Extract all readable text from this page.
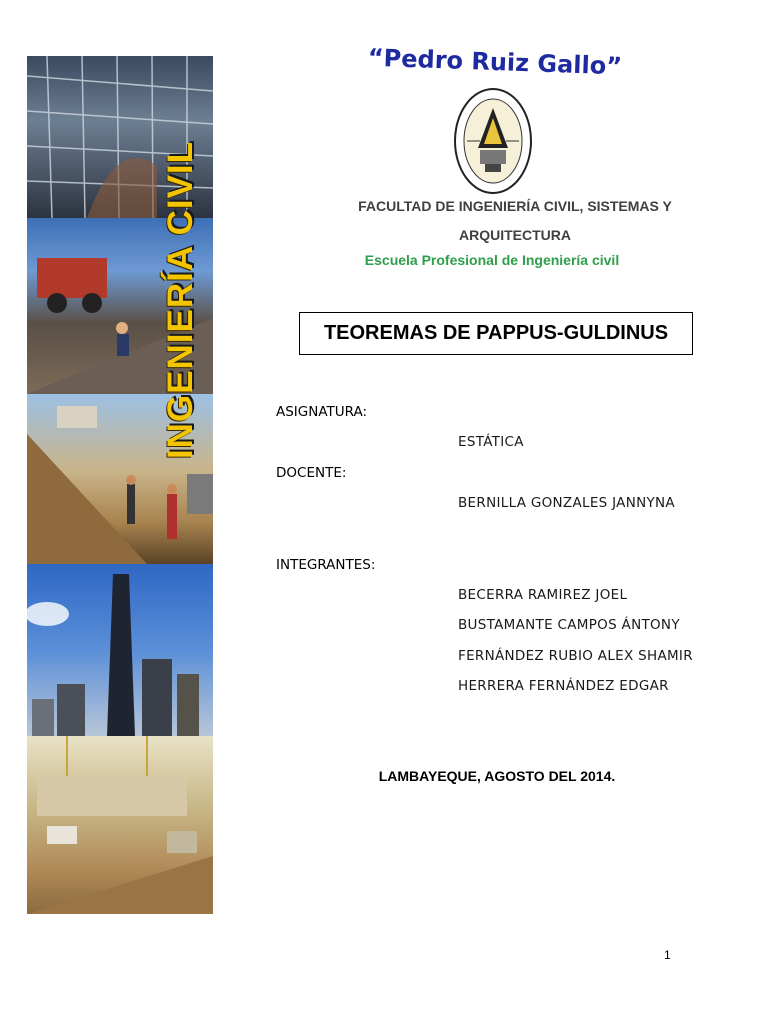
INGENIERÍA CIVIL
“Pedro Ruiz Gallo”
FACULTAD DE INGENIERÍA CIVIL, SISTEMAS Y ARQUITECTURA
Escuela Profesional de Ingeniería civil
TEOREMAS DE PAPPUS-GULDINUS
ASIGNATURA:
ESTÁTICA
DOCENTE:
BERNILLA GONZALES JANNYNA
INTEGRANTES:
BECERRA RAMIREZ JOEL
BUSTAMANTE CAMPOS ÁNTONY
FERNÁNDEZ RUBIO ALEX SHAMIR
HERRERA FERNÁNDEZ EDGAR
LAMBAYEQUE, AGOSTO DEL 2014.
1
